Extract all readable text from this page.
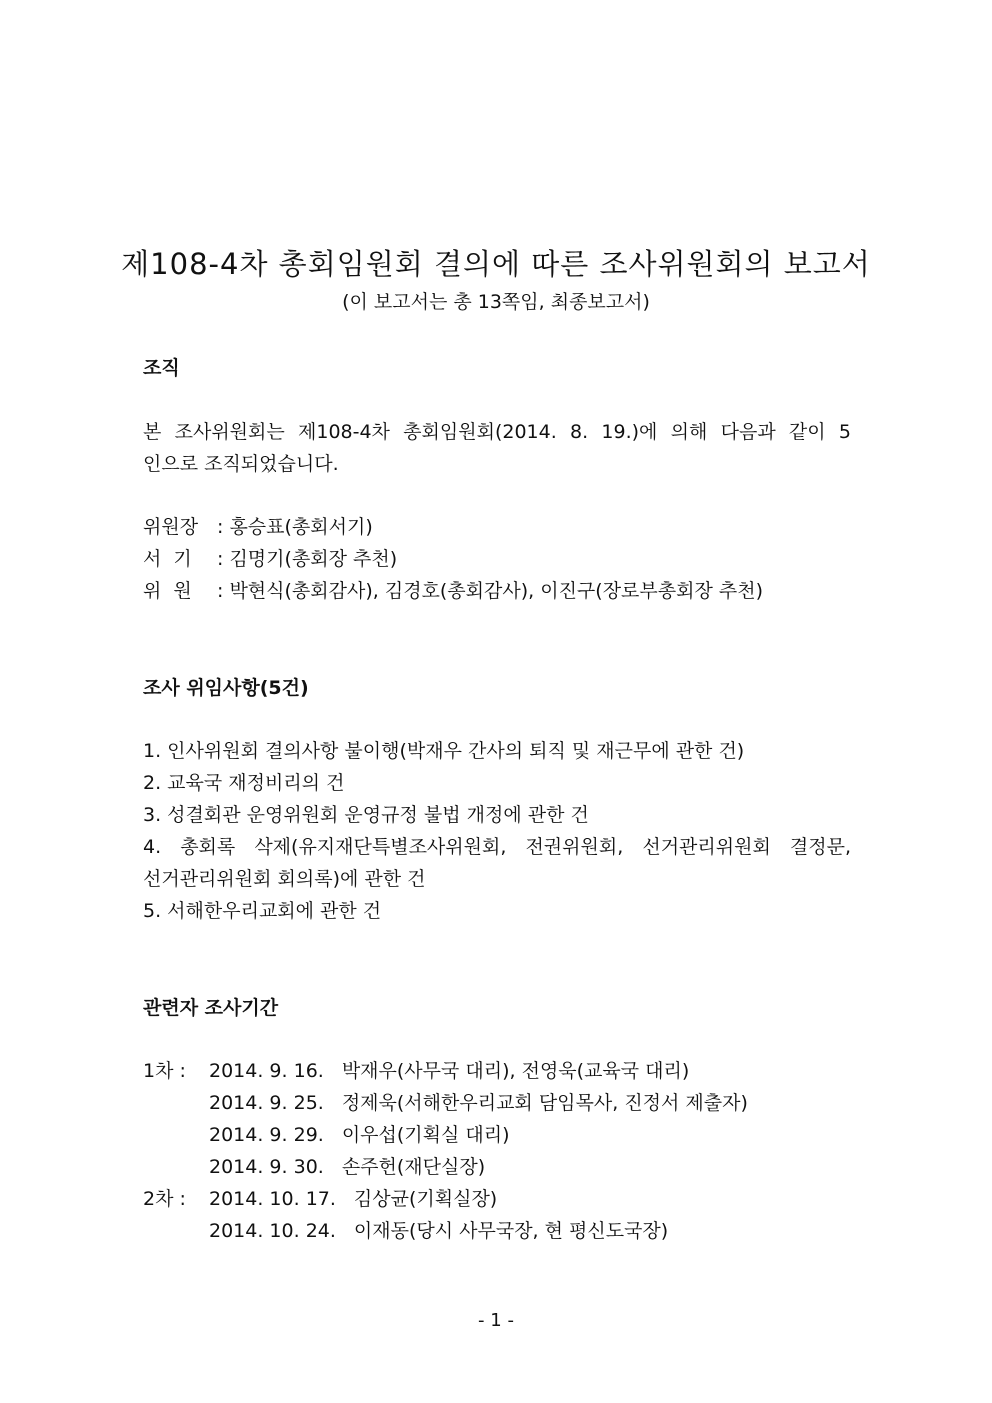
제108-4차 총회임원회 결의에 따른 조사위원회의 보고서
(이 보고서는 총 13쪽임, 최종보고서)
조직
본 조사위원회는 제108-4차 총회임원회(2014. 8. 19.)에 의해 다음과 같이 5
인으로 조직되었습니다.
위원장 : 홍승표(총회서기)
서  기 : 김명기(총회장 추천)
위  원 : 박현식(총회감사), 김경호(총회감사), 이진구(장로부총회장 추천)
조사 위임사항(5건)
1. 인사위원회 결의사항 불이행(박재우 간사의 퇴직 및 재근무에 관한 건)
2. 교육국 재정비리의 건
3. 성결회관 운영위원회 운영규정 불법 개정에 관한 건
4. 총회록 삭제(유지재단특별조사위원회, 전권위원회, 선거관리위원회 결정문,
선거관리위원회 회의록)에 관한 건
5. 서해한우리교회에 관한 건
관련자 조사기간
1차 : 2014. 9. 16. 박재우(사무국 대리), 전영욱(교육국 대리)
2014. 9. 25. 정제욱(서해한우리교회 담임목사, 진정서 제출자)
2014. 9. 29. 이우섭(기획실 대리)
2014. 9. 30. 손주헌(재단실장)
2차 : 2014. 10. 17. 김상균(기획실장)
2014. 10. 24. 이재동(당시 사무국장, 현 평신도국장)
- 1 -
